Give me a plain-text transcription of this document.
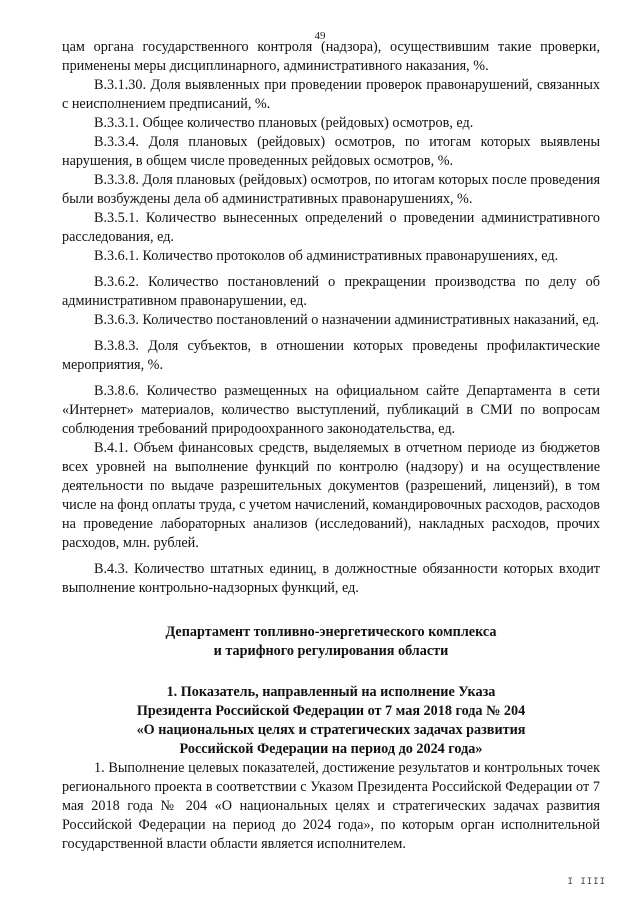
49

цам органа государственного контроля (надзора), осуществившим такие проверки, применены меры дисциплинарного, административного наказания, %.

В.3.1.30. Доля выявленных при проведении проверок правонарушений, связанных с неисполнением предписаний, %.

В.3.3.1. Общее количество плановых (рейдовых) осмотров, ед.

В.3.3.4. Доля плановых (рейдовых) осмотров, по итогам которых выявлены нарушения, в общем числе проведенных рейдовых осмотров, %.

В.3.3.8. Доля плановых (рейдовых) осмотров, по итогам которых после проведения были возбуждены дела об административных правонарушениях, %.

В.3.5.1. Количество вынесенных определений о проведении административного расследования, ед.

В.3.6.1. Количество протоколов об административных правонарушениях, ед.

В.3.6.2. Количество постановлений о прекращении производства по делу об административном правонарушении, ед.

В.3.6.3. Количество постановлений о назначении административных наказаний, ед.

В.3.8.3. Доля субъектов, в отношении которых проведены профилактические мероприятия, %.

В.3.8.6. Количество размещенных на официальном сайте Департамента в сети «Интернет» материалов, количество выступлений, публикаций в СМИ по вопросам соблюдения требований природоохранного законодательства, ед.

В.4.1. Объем финансовых средств, выделяемых в отчетном периоде из бюджетов всех уровней на выполнение функций по контролю (надзору) и на осуществление деятельности по выдаче разрешительных документов (разрешений, лицензий), в том числе на фонд оплаты труда, с учетом начислений, командировочных расходов, расходов на проведение лабораторных анализов (исследований), накладных расходов, прочих расходов, млн. рублей.

В.4.3. Количество штатных единиц, в должностные обязанности которых входит выполнение контрольно-надзорных функций, ед.

Департамент топливно-энергетического комплекса
и тарифного регулирования области
1. Показатель, направленный на исполнение Указа
Президента Российской Федерации от 7 мая 2018 года № 204
«О национальных целях и стратегических задачах развития
Российской Федерации на период до 2024 года»

1. Выполнение целевых показателей, достижение результатов и контрольных точек регионального проекта в соответствии с Указом Президента Российской Федерации от 7 мая 2018 года № 204 «О национальных целях и стратегических задачах развития Российской Федерации на период до 2024 года», по которым орган исполнительной государственной власти области является исполнителем.

I IIII
